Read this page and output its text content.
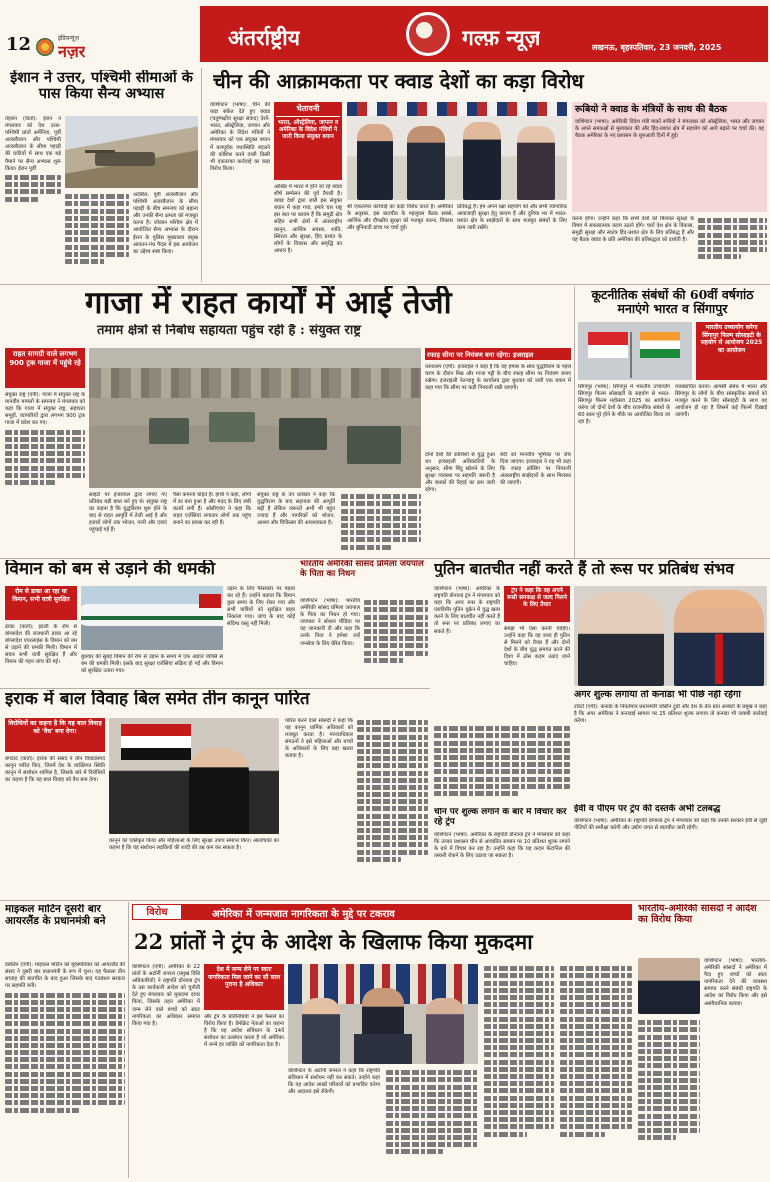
12	इंडियन्यूज़
नज़र
अंतर्राष्ट्रीय	गल्फ़ न्यूज़	लखनऊ, बृहस्पतिवार, 23 जनवरी, 2025
ईशान ने उत्तर, पश्चिमी सीमाओं के पास किया सैन्य अभ्यास
तेहरान (वार्ता): ईरान ने मंगलवार को देश उत्तर-पश्चिमी प्रांतों अर्मेनिया, पूर्वी अजरबैजान और पश्चिमी अजरबैजान के सीमा पहाड़ी की घाटियों में साथ एक बड़े पैमाने पर सैन्य अभ्यास शुरू किया। ईरान पूर्वी
अर्देबील, पूर्वी अजरबैजान और पश्चिमी अजरबैजान के सीमा पहाड़ी के बीच समन्वय को बढ़ाना और उनकी सैन्य क्षमता को मजबूत करना है। जोरबन पश्चिम क्षेत्र में आयोजित सैन्य अभ्यास के दौरान ईरान के पुलिस मुख्यालय प्रमुख आयतन-गंध पैदल में इस आयोजन का उद्देश्य स्पष्ट किया।
चीन की आक्रामकता पर क्वाड देशों का कड़ा विरोध
वाशिंगटन (भाषा): चीन की कड़ा संकेत देते हुए क्वाड (चतुष्पक्षीय सुरक्षा संवाद) देशों-भारत, ऑस्ट्रेलिया, जापान और अमेरिका के विदेश मंत्रियों ने मंगलवार को एक संयुक्त बयान में बलपूर्वक यथास्थिति बदलने की कोशिश करने वाली किसी भी एकतरफा कार्रवाई का कड़ा विरोध किया।
चेतावनी
भारत, ऑस्ट्रेलिया, जापान व अमेरिका के विदेश मंत्रियों ने जारी किया संयुक्त बयान
आखिर में भारत में होने जा रहे क्वाड शीर्ष सम्मेलन की पूर्व तैयारी है। क्वाड देशों द्वारा जारी इस संयुक्त बयान में कहा गया, हमारे चार राष्ट्र इस बात पर कायम हैं कि समुद्री क्षेत्र सहित सभी क्षेत्रों में अंतरराष्ट्रीय कानून, आर्थिक अवसर, शांति, स्थिरता और सुरक्षा, हिंद प्रशांत के लोगों के विकास और समृद्धि का आधार है।
श्री एकतरफा कार्रवाई का कड़ा विरोध करते हैं। अमेरिका के अनुसार, इस बातचीत के पहलूवल बैठक सबसे, आर्थिक और दौपक्षीय सुरक्षा को मजबूत करना, विकास और बुनियादी ढांचा पर चर्चा हुई।
प्रतिबद्ध हैं। हम अपने रक्षा सहयोग को और सभी व्यापारिक आवाजाही सुरक्षा हेतु कायम हैं और दुनिया भर में भारत-प्रशांत क्षेत्र के साझेदारों के साथ मजबूत संबंधों के लिए काम जारी रखेंगे।
रूबियो ने क्वाड के मंत्रियों के साथ की बैठक
वाशिंगटन (भाषा): अमेरिकी विदेश मंत्री मार्को रूबियो ने मंगलवार को ऑस्ट्रेलिया, भारत और जापान के अपने समकक्षों से मुलाकात की और हिंद-प्रशांत क्षेत्र में सहयोग को आगे बढ़ाने पर चर्चा की। यह बैठक अमेरिका के नए प्रशासन के शुरुआती दिनों में हुई।
करना होगा। उन्होंने कहा कि सभी देशों को मिलकर सुरक्षा के विषय में सकारात्मक कदम उठाने होंगे। चारों देश क्षेत्र के विकास, समुद्री सुरक्षा और स्वतंत्र हिंद-प्रशांत क्षेत्र के लिए प्रतिबद्ध हैं और यह बैठक क्वाड के प्रति अमेरिका की प्रतिबद्धता को दर्शाती है।
गाजा में राहत कार्यों में आई तेजी
तमाम क्षेत्रों से निर्बाध सहायता पहुंच रही है : संयुक्त राष्ट्र
राहत सामग्री वाले लगभग 900 ट्रक गाजा में पहुंचे रहे
संयुक्त राष्ट्र (एपी): गाजा में संयुक्त राष्ट्र के मानवीय मामलों के समन्वय ने मंगलवार को कहा कि गाजा में संयुक्त राष्ट्र, सहायता समूहों, व्यापारियों द्वारा लगभग 900 ट्रक गाजा में प्रवेश कर गए।
साइटों पर इजरायल द्वारा लगाए गए प्रतिबंध बड़ी बाधा बने हुए थे। संयुक्त राष्ट्र का कहना है कि युद्धविराम शुरू होने के बाद से राहत आपूर्ति में तेजी आई है और हजारों लोगों तक भोजन, पानी और दवाएं पहुंचाई गई हैं।
पैसा कमाना चाहते हैं। हाथी ने कहा, लोगों में डर बना हुआ है और मदद के लिए लंबी कतारें लगी हैं। ओसीएचए ने कहा कि राहत एजेंसियां लगातार लोगों तक पहुंच बनाने का प्रयास कर रही हैं।
संयुक्त राष्ट्र के उप प्रवक्ता ने कहा कि युद्धविराम के बाद सहायता की आपूर्ति बढ़ी है लेकिन जरूरतें अभी भी बहुत ज्यादा हैं और नागरिकों को भोजन, आश्रय और चिकित्सा की आवश्यकता है।
रफाह सीमा पर नियंत्रण बना रहेगा: इजराइल
यरुशलम (एपी): इजराइल ने कहा है कि वह हमास के साथ युद्धविराम के पहले चरण के दौरान मिस्र और गाजा पट्टी के बीच रफाह सीमा पर नियंत्रण बनाए रखेगा। इजराइली नेतन्याहू के कार्यालय द्वारा बुधवार को जारी एक बयान में कहा गया कि सीमा पर कड़ी निगरानी रखी जाएगी।
दोनों देशों की कोशिशों से युद्ध हुआ था। इजराइली अधिकारियों के अनुसार, सीमा बिंदु खोलने के लिए सुरक्षा व्यवस्था पर सहमति जरूरी है और बंधकों की रिहाई का क्रम जारी रहेगा।
बंदी को मानवीय भूमिका पर जोर दिया जाएगा। इजराइल ने यह भी कहा कि रफाह क्रॉसिंग पर निगरानी अंतरराष्ट्रीय साझेदारों के साथ मिलकर की जाएगी।
कूटनीतिक संबंधों की 60वीं वर्षगांठ मनाएंगे भारत व सिंगापुर
भारतीय उच्चायोग करेगा सिंगापुर फिल्म सोसाइटी के सहयोग से आयोजन 2025 का आयोजन
सिंगापुर (भाषा): सिंगापुर में भारतीय उच्चायोग सिंगापुर फिल्म सोसाइटी के सहयोग से भारत-सिंगापुर फिल्म महोत्सव 2025 का आयोजन करेगा जो दोनों देशों के बीच राजनयिक संबंधों के 60 साल पूरे होने के मौके पर आयोजित किया जा रहा है।
व्याख्यायित करना। आपसी संबंध में भारत और सिंगापुर के लोगों के बीच सांस्कृतिक संबंधों को मजबूत करने के लिए सोसाइटी के साथ यह आयोजन हो रहा है जिसमें कई फिल्में दिखाई जाएंगी।
विमान को बम से उड़ाने की धमकी
रोम से डाका आ रहा था विमान, सभी यात्री सुरक्षित
ढाका (वार्ता): इटली के रोम से बांग्लादेश की राजधानी ढाका आ रहे बांग्लादेश एयरलाइंस के विमान को बम से उड़ाने की धमकी मिली। विमान में सवार सभी यात्री सुरक्षित हैं और विमान की गहन जांच की गई।
बुधवार की सुबह विमान की रोम से उड़ान के समय में एक अज्ञात व्यक्ति से बम की धमकी मिली। इसके बाद सुरक्षा एजेंसियां सक्रिय हो गईं और विमान को सुरक्षित उतारा गया।
उड़ान के लिए पैरेंसकोर पर पहला कर रहे हैं। उन्होंने बताया कि विमान कुछ समय के लिए रोका गया और सभी यात्रियों को सुरक्षित बाहर निकाला गया। जांच के बाद कोई संदिग्ध वस्तु नहीं मिली।
भारतीय अमेरिकी सांसद प्रमिला जयपाल के पिता का निधन
वाशिंगटन (भाषा): भारतीय अमेरिकी सांसद प्रमिला जयपाल के पिता का निधन हो गया। जयपाल ने सोशल मीडिया पर यह जानकारी दी और कहा कि उनके पिता ने हमेशा उन्हें जनसेवा के लिए प्रेरित किया।
पुतिन बातचीत नहीं करते हैं तो रूस पर प्रतिबंध संभव
वाशिंगटन (भाषा): अमेरिका के राष्ट्रपति डोनाल्ड ट्रंप ने मंगलवार को कहा कि अगर रूस के राष्ट्रपति व्लादिमीर पुतिन यूक्रेन में युद्ध खत्म करने के लिए बातचीत नहीं करते हैं तो रूस पर प्रतिबंध लगाए जा सकते हैं।
ट्रंप ने कहा कि वह अपने रूसी समकक्ष से जल्द मिलने के लिए तैयार
समझ भी ऐसा करनी चाहिए। उन्होंने कहा कि वह जल्द ही पुतिन से मिलने को तैयार हैं और दोनों देशों के बीच युद्ध समाप्त करने की दिशा में ठोस कदम उठाए जाने चाहिए।
अगर शुल्क लगाया तो कनाडा भी पीछे नहीं रहेगा
टोरंटो (एपी): कनाडा के निवर्तमान प्रधानमंत्री जस्टिन ट्रूडो और देश के तेल प्रांत अल्बर्टा के प्रमुख ने कहा है कि अगर अमेरिका ने कनाडाई सामान पर 25 प्रतिशत शुल्क लगाया तो कनाडा भी जवाबी कार्रवाई करेगा।
ईवी व पीएम पर ट्रंप की दस्तकें अभी टलबद्ध
वाशिंगटन (भाषा): अमेरिका के राष्ट्रपति डोनाल्ड ट्रंप ने मंगलवार को कहा कि उनकी सरकार ईवी से जुड़ी नीतियों की समीक्षा करेगी और उद्योग जगत से बातचीत जारी रहेगी।
चीन पर शुल्क लगाने के बारे में विचार कर रहे ट्रंप
वाशिंगटन (भाषा): अमेरिका के राष्ट्रपति डोनाल्ड ट्रंप ने मंगलवार को कहा कि उनका प्रशासन चीन से आयातित सामान पर 10 प्रतिशत शुल्क लगाने के बारे में विचार कर रहा है। उन्होंने कहा कि यह कदम फेंटानिल की तस्करी रोकने के लिए उठाया जा सकता है।
इराक में बाल विवाह बिल समेत तीन कानून पारित
विरोधियों का कहना है कि यह बाल विवाह को 'वैध' बना देगा।
बगदाद (वार्ता): इराक की संसद ने तीन विवादास्पद कानून पारित किए, जिनमें देश के व्यक्तिगत स्थिति कानून में संशोधन शामिल है, जिसके बारे में विरोधियों का कहना है कि यह बाल विवाह को वैध बना देगा।
कानून को एकीकृत किया और महिलाओं के लिए सुरक्षा उपाय समाप्त किए। आलोचकों का कहना है कि यह संशोधन लड़कियों की शादी की उम्र कम कर सकता है।
पारित करने वाले सांसदों ने कहा कि यह कानून धार्मिक अधिकारों को मजबूत करता है। मानवाधिकार संगठनों ने इसे महिलाओं और बच्चों के अधिकारों के लिए बड़ा खतरा बताया है।
माइकल मार्टिन दूसरी बार आयरलैंड के प्रधानमंत्री बने
डबलिन (एपी): माइकल मार्टिन को बृहस्पतिवार को आयरलैंड की संसद ने दूसरी बार प्रधानमंत्री के रूप में चुना। यह फैसला तीन सप्ताह की बातचीत के बाद हुआ जिसके बाद गठबंधन सरकार पर सहमति बनी।
विरोध	अमेरिका में जन्मजात नागरिकता के मुद्दे पर टकराव
22 प्रांतों ने ट्रंप के आदेश के खिलाफ किया मुकदमा
वाशिंगटन (एपी): अमेरिका के 22 प्रांतों के अटॉर्नी जनरल (प्रमुख विधि अधिकारियों) ने राष्ट्रपति डोनाल्ड ट्रंप के उस कार्यकारी आदेश को चुनौती देते हुए मंगलवार को मुकदमा दायर किया, जिसके तहत अमेरिका में जन्म लेने वाले बच्चों को स्वतः नागरिकता का अधिकार समाप्त किया गया है।
देश में जन्म लेने पर स्वतः नागरिकता मिल जाने का सौ साल पुराना है अधिकार
और ट्रंप के प्रतिनिधियों ने इस फैसले का विरोध किया है। डेमोक्रेट नेताओं का कहना है कि यह आदेश संविधान के 14वें संशोधन का उल्लंघन करता है जो अमेरिका में जन्मे हर व्यक्ति को नागरिकता देता है।
वाशिंगटन के अटॉर्नी जनरल ने कहा कि राष्ट्रपति संविधान में संशोधन नहीं कर सकते। उन्होंने कहा कि यह आदेश लाखों परिवारों को प्रभावित करेगा और अदालत इसे रोकेगी।
भारतीय-अमेरिकी सांसदों ने आदेश का विरोध किया
वाशिंगटन (भाषा): भारतीय-अमेरिकी सांसदों ने अमेरिका में पैदा हुए बच्चों को स्वतः नागरिकता देने की व्यवस्था समाप्त करने संबंधी राष्ट्रपति के आदेश का विरोध किया और इसे असंवैधानिक बताया।
